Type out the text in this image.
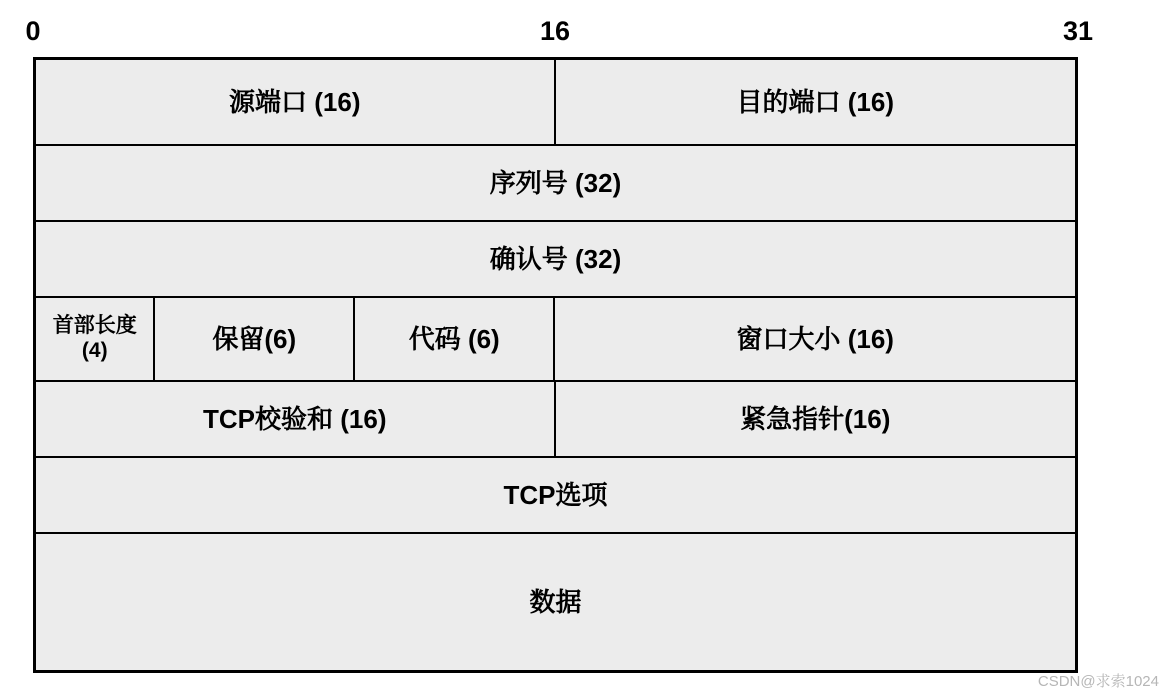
0	16	31
源端口 (16)	目的端口 (16)
序列号 (32)
确认号 (32)
首部长度 (4)	保留(6)	代码 (6)	窗口大小 (16)
TCP校验和 (16)	紧急指针(16)
TCP选项
数据
CSDN@求索1024
